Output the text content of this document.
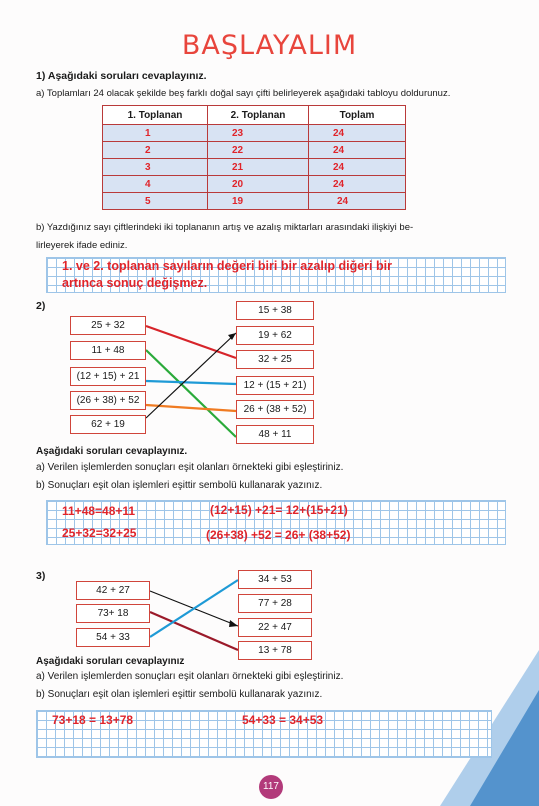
BAŞLAYALIM
1) Aşağıdaki soruları cevaplayınız.
a) Toplamları 24 olacak şekilde beş farklı doğal sayı çifti belirleyerek aşağıdaki tabloyu doldurunuz.
1. Toplanan	2. Toplanan	Toplam
1	23	24
2	22	24
3	21	24
4	20	24
5	19	24
b) Yazdığınız sayı çiftlerindeki iki toplananın artış ve azalış miktarları arasındaki ilişkiyi be-
lirleyerek ifade ediniz.
1. ve 2. toplanan sayıların değeri biri bir azalıp diğeri bir
artınca sonuç değişmez.
2)
25 + 32
11 + 48
(12 + 15) + 21
(26 + 38) + 52
62 + 19
15 + 38
19 + 62
32 + 25
12 + (15 + 21)
26 + (38 + 52)
48 + 11
Aşağıdaki soruları cevaplayınız.
a) Verilen işlemlerden sonuçları eşit olanları örnekteki gibi eşleştiriniz.
b) Sonuçları eşit olan işlemleri eşittir sembolü kullanarak yazınız.
11+48=48+11	(12+15) +21= 12+(15+21)
25+32=32+25	(26+38) +52 = 26+ (38+52)
3)
42 + 27
73+ 18
54 + 33
34 + 53
77 + 28
22 + 47
13 + 78
Aşağıdaki soruları cevaplayınız
a) Verilen işlemlerden sonuçları eşit olanları örnekteki gibi eşleştiriniz.
b) Sonuçları eşit olan işlemleri eşittir sembolü kullanarak yazınız.
73+18 = 13+78	54+33 = 34+53
117
